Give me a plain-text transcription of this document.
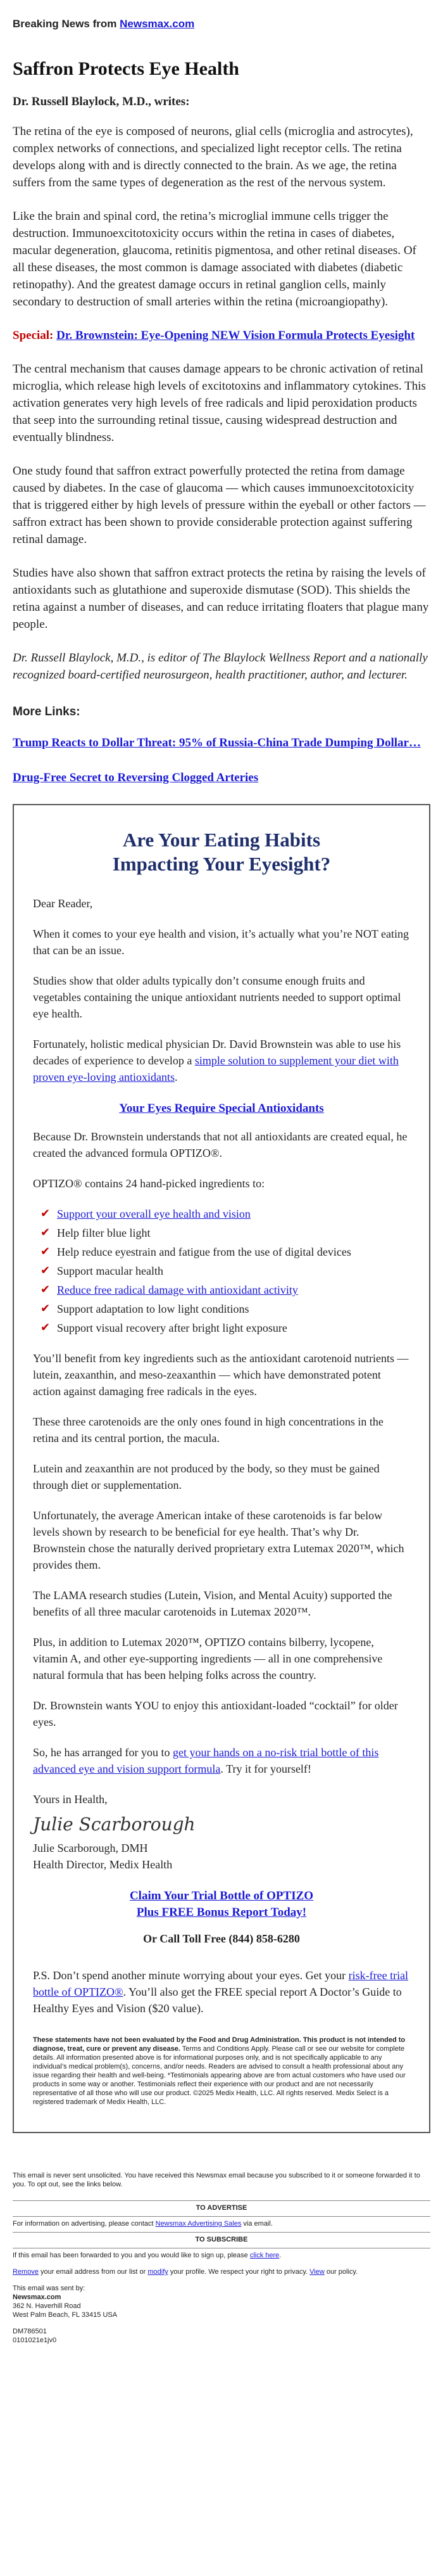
Breaking News from Newsmax.com
Saffron Protects Eye Health
Dr. Russell Blaylock, M.D., writes:
The retina of the eye is composed of neurons, glial cells (microglia and astrocytes), complex networks of connections, and specialized light receptor cells. The retina develops along with and is directly connected to the brain. As we age, the retina suffers from the same types of degeneration as the rest of the nervous system.
Like the brain and spinal cord, the retina’s microglial immune cells trigger the destruction. Immunoexcitotoxicity occurs within the retina in cases of diabetes, macular degeneration, glaucoma, retinitis pigmentosa, and other retinal diseases. Of all these diseases, the most common is damage associated with diabetes (diabetic retinopathy). And the greatest damage occurs in retinal ganglion cells, mainly secondary to destruction of small arteries within the retina (microangiopathy).
Special: Dr. Brownstein: Eye-Opening NEW Vision Formula Protects Eyesight
The central mechanism that causes damage appears to be chronic activation of retinal microglia, which release high levels of excitotoxins and inflammatory cytokines. This activation generates very high levels of free radicals and lipid peroxidation products that seep into the surrounding retinal tissue, causing widespread destruction and eventually blindness.
One study found that saffron extract powerfully protected the retina from damage caused by diabetes. In the case of glaucoma — which causes immunoexcitotoxicity that is triggered either by high levels of pressure within the eyeball or other factors — saffron extract has been shown to provide considerable protection against suffering retinal damage.
Studies have also shown that saffron extract protects the retina by raising the levels of antioxidants such as glutathione and superoxide dismutase (SOD). This shields the retina against a number of diseases, and can reduce irritating floaters that plague many people.
Dr. Russell Blaylock, M.D., is editor of The Blaylock Wellness Report and a nationally recognized board-certified neurosurgeon, health practitioner, author, and lecturer.
More Links:
Trump Reacts to Dollar Threat: 95% of Russia-China Trade Dumping Dollar…
Drug-Free Secret to Reversing Clogged Arteries
Are Your Eating Habits
Impacting Your Eyesight?
Dear Reader,
When it comes to your eye health and vision, it’s actually what you’re NOT eating that can be an issue.
Studies show that older adults typically don’t consume enough fruits and vegetables containing the unique antioxidant nutrients needed to support optimal eye health.
Fortunately, holistic medical physician Dr. David Brownstein was able to use his decades of experience to develop a simple solution to supplement your diet with proven eye-loving antioxidants.
Your Eyes Require Special Antioxidants
Because Dr. Brownstein understands that not all antioxidants are created equal, he created the advanced formula OPTIZO®.
OPTIZO® contains 24 hand-picked ingredients to:
✔ Support your overall eye health and vision
✔ Help filter blue light
✔ Help reduce eyestrain and fatigue from the use of digital devices
✔ Support macular health
✔ Reduce free radical damage with antioxidant activity
✔ Support adaptation to low light conditions
✔ Support visual recovery after bright light exposure
You’ll benefit from key ingredients such as the antioxidant carotenoid nutrients — lutein, zeaxanthin, and meso-zeaxanthin — which have demonstrated potent action against damaging free radicals in the eyes.
These three carotenoids are the only ones found in high concentrations in the retina and its central portion, the macula.
Lutein and zeaxanthin are not produced by the body, so they must be gained through diet or supplementation.
Unfortunately, the average American intake of these carotenoids is far below levels shown by research to be beneficial for eye health. That’s why Dr. Brownstein chose the naturally derived proprietary extra Lutemax 2020™, which provides them.
The LAMA research studies (Lutein, Vision, and Mental Acuity) supported the benefits of all three macular carotenoids in Lutemax 2020™.
Plus, in addition to Lutemax 2020™, OPTIZO contains bilberry, lycopene, vitamin A, and other eye-supporting ingredients — all in one comprehensive natural formula that has been helping folks across the country.
Dr. Brownstein wants YOU to enjoy this antioxidant-loaded “cocktail” for older eyes.
So, he has arranged for you to get your hands on a no-risk trial bottle of this advanced eye and vision support formula. Try it for yourself!
Yours in Health,
Julie Scarborough
Julie Scarborough, DMH
Health Director, Medix Health
Claim Your Trial Bottle of OPTIZO
Plus FREE Bonus Report Today!
Or Call Toll Free (844) 858-6280
P.S. Don’t spend another minute worrying about your eyes. Get your risk-free trial bottle of OPTIZO®. You’ll also get the FREE special report A Doctor’s Guide to Healthy Eyes and Vision ($20 value).

These statements have not been evaluated by the Food and Drug Administration. This product is not intended to diagnose, treat, cure or prevent any disease. Terms and Conditions Apply. Please call or see our website for complete details. All information presented above is for informational purposes only, and is not specifically applicable to any individual’s medical problem(s), concerns, and/or needs. Readers are advised to consult a health professional about any issue regarding their health and well-being. *Testimonials appearing above are from actual customers who have used our products in some way or another. Testimonials reflect their experience with our product and are not necessarily representative of all those who will use our product. ©2025 Medix Health, LLC. All rights reserved. Medix Select is a registered trademark of Medix Health, LLC.

This email is never sent unsolicited. You have received this Newsmax email because you subscribed to it or someone forwarded it to you. To opt out, see the links below.
TO ADVERTISE
For information on advertising, please contact Newsmax Advertising Sales via email.
TO SUBSCRIBE
If this email has been forwarded to you and you would like to sign up, please click here.
Remove your email address from our list or modify your profile. We respect your right to privacy. View our policy.
This email was sent by:
Newsmax.com
362 N. Haverhill Road
West Palm Beach, FL 33415 USA
DM786501
0101021e1jv0
